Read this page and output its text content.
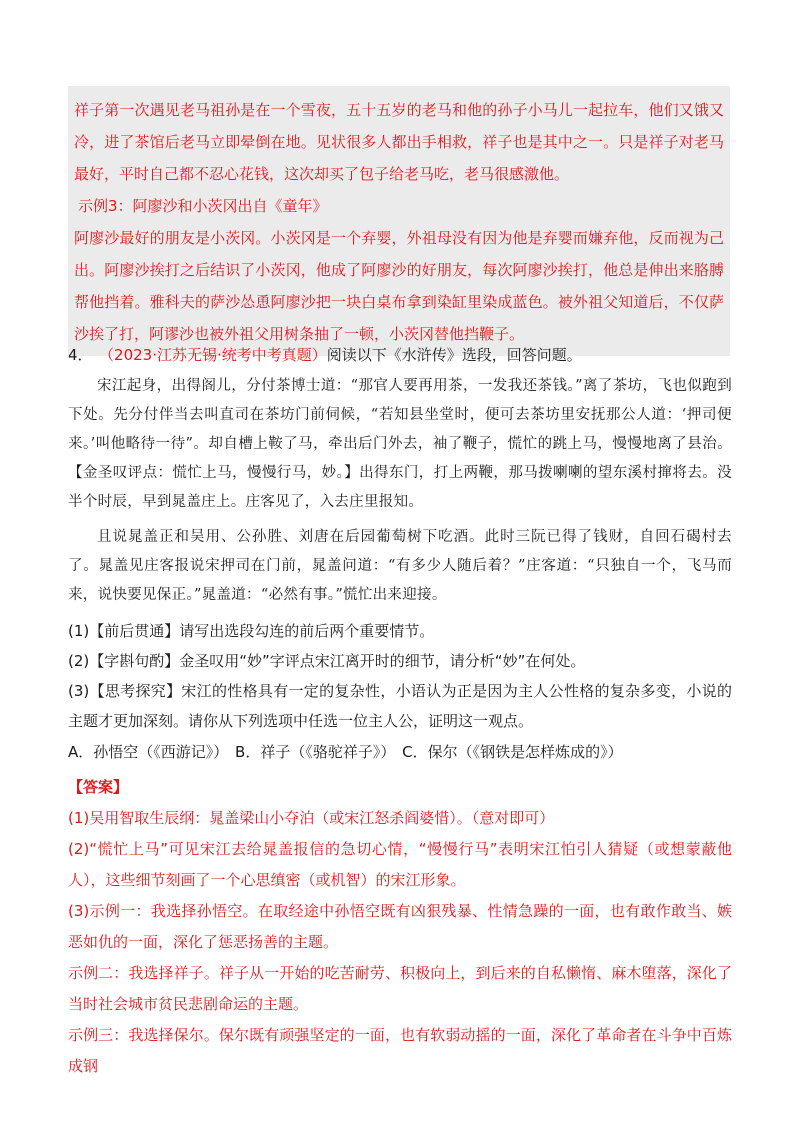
祥子第一次遇见老马祖孙是在一个雪夜，五十五岁的老马和他的孙子小马儿一起拉车，他们又饿又冷，进了茶馆后老马立即晕倒在地。见状很多人都出手相救，祥子也是其中之一。只是祥子对老马最好，平时自己都不忍心花钱，这次却买了包子给老马吃，老马很感激他。

示例3：阿廖沙和小茨冈出自《童年》

阿廖沙最好的朋友是小茨冈。小茨冈是一个弃婴，外祖母没有因为他是弃婴而嫌弃他，反而视为己出。阿廖沙挨打之后结识了小茨冈，他成了阿廖沙的好朋友，每次阿廖沙挨打，他总是伸出来胳膊帮他挡着。雅科夫的萨沙怂恿阿廖沙把一块白桌布拿到染缸里染成蓝色。被外祖父知道后，不仅萨沙挨了打，阿谬沙也被外祖父用树条抽了一顿，小茨冈替他挡鞭子。

4． （2023·江苏无锡·统考中考真题）阅读以下《水浒传》选段，回答问题。

宋江起身，出得阁儿，分付茶博士道：“那官人要再用茶，一发我还茶钱。”离了茶坊，飞也似跑到下处。先分付伴当去叫直司在茶坊门前伺候，“若知县坐堂时，便可去茶坊里安抚那公人道：‘押司便来。’叫他略待一待”。却自槽上鞍了马，牵出后门外去，袖了鞭子，慌忙的跳上马，慢慢地离了县治。【金圣叹评点：慌忙上马，慢慢行马，妙。】出得东门，打上两鞭，那马拨喇喇的望东溪村撺将去。没半个时辰，早到晁盖庄上。庄客见了，入去庄里报知。

且说晁盖正和吴用、公孙胜、刘唐在后园葡萄树下吃酒。此时三阮已得了钱财，自回石碣村去了。晁盖见庄客报说宋押司在门前，晁盖问道：“有多少人随后着？”庄客道：“只独自一个，飞马而来，说快要见保正。”晁盖道：“必然有事。”慌忙出来迎接。

(1)【前后贯通】请写出选段勾连的前后两个重要情节。

(2)【字斟句酌】金圣叹用“妙”字评点宋江离开时的细节，请分析“妙”在何处。

(3)【思考探究】宋江的性格具有一定的复杂性，小语认为正是因为主人公性格的复杂多变，小说的主题才更加深刻。请你从下列选项中任选一位主人公，证明这一观点。

A．孙悟空（《西游记》） B．祥子（《骆驼祥子》） C．保尔（《钢铁是怎样炼成的》）

【答案】

(1)吴用智取生辰纲：晁盖梁山小夺泊（或宋江怒杀阎婆惜）。（意对即可）

(2)“慌忙上马”可见宋江去给晁盖报信的急切心情，“慢慢行马”表明宋江怕引人猜疑（或想蒙蔽他人），这些细节刻画了一个心思缜密（或机智）的宋江形象。

(3)示例一：我选择孙悟空。在取经途中孙悟空既有凶狠残暴、性情急躁的一面，也有敢作敢当、嫉恶如仇的一面，深化了惩恶扬善的主题。

示例二：我选择祥子。祥子从一开始的吃苦耐劳、积极向上，到后来的自私懒惰、麻木堕落，深化了当时社会城市贫民悲剧命运的主题。

示例三：我选择保尔。保尔既有顽强坚定的一面，也有软弱动摇的一面，深化了革命者在斗争中百炼成钢
